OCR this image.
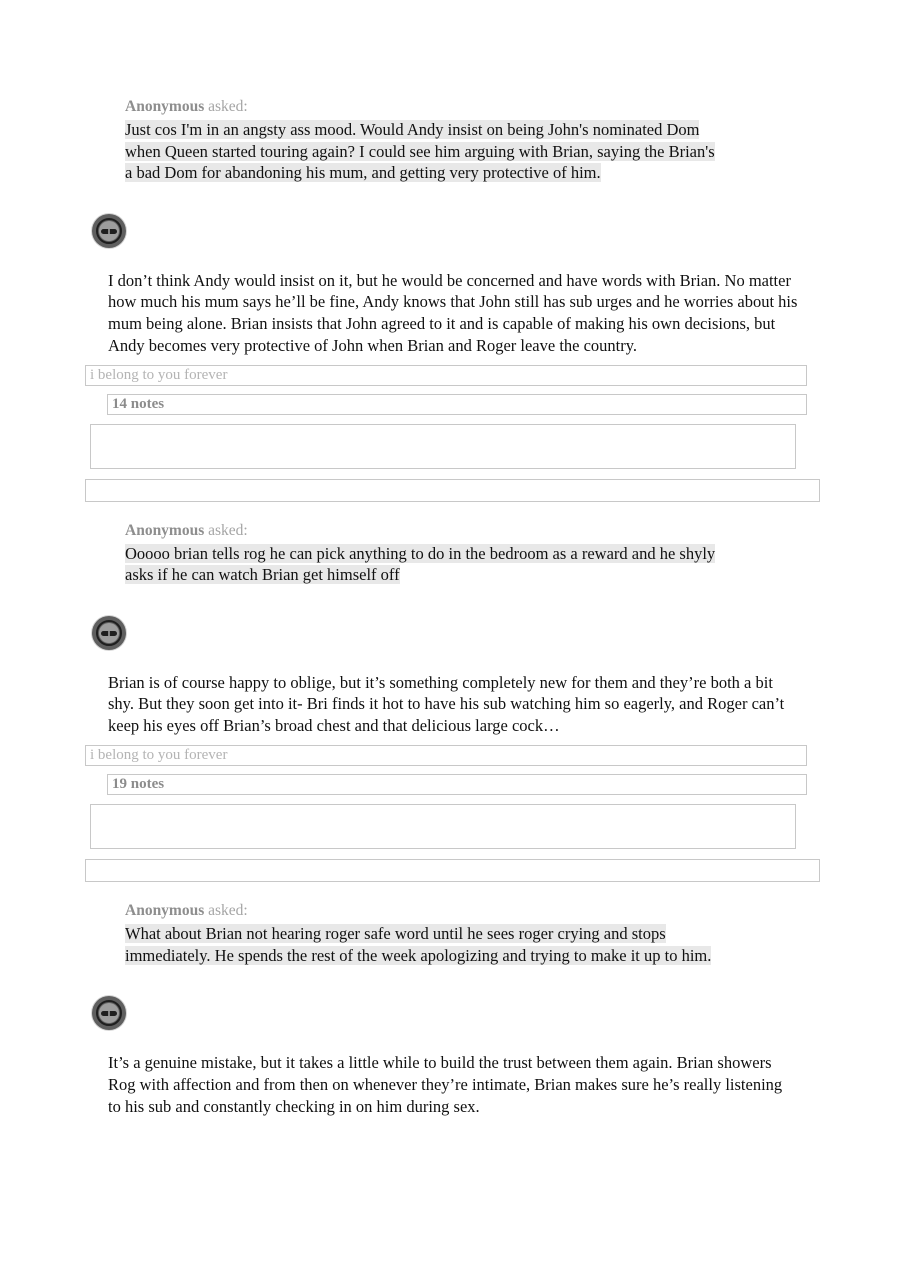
Anonymous asked:
Just cos I'm in an angsty ass mood. Would Andy insist on being John's nominated Dom when Queen started touring again? I could see him arguing with Brian, saying the Brian's a bad Dom for abandoning his mum, and getting very protective of him.
I don’t think Andy would insist on it, but he would be concerned and have words with Brian. No matter how much his mum says he’ll be fine, Andy knows that John still has sub urges and he worries about his mum being alone. Brian insists that John agreed to it and is capable of making his own decisions, but Andy becomes very protective of John when Brian and Roger leave the country.
i belong to you forever
14 notes
Anonymous asked:
Ooooo brian tells rog he can pick anything to do in the bedroom as a reward and he shyly asks if he can watch Brian get himself off
Brian is of course happy to oblige, but it’s something completely new for them and they’re both a bit shy. But they soon get into it- Bri finds it hot to have his sub watching him so eagerly, and Roger can’t keep his eyes off Brian’s broad chest and that delicious large cock…
i belong to you forever
19 notes
Anonymous asked:
What about Brian not hearing roger safe word until he sees roger crying and stops immediately. He spends the rest of the week apologizing and trying to make it up to him.
It’s a genuine mistake, but it takes a little while to build the trust between them again. Brian showers Rog with affection and from then on whenever they’re intimate, Brian makes sure he’s really listening to his sub and constantly checking in on him during sex.
